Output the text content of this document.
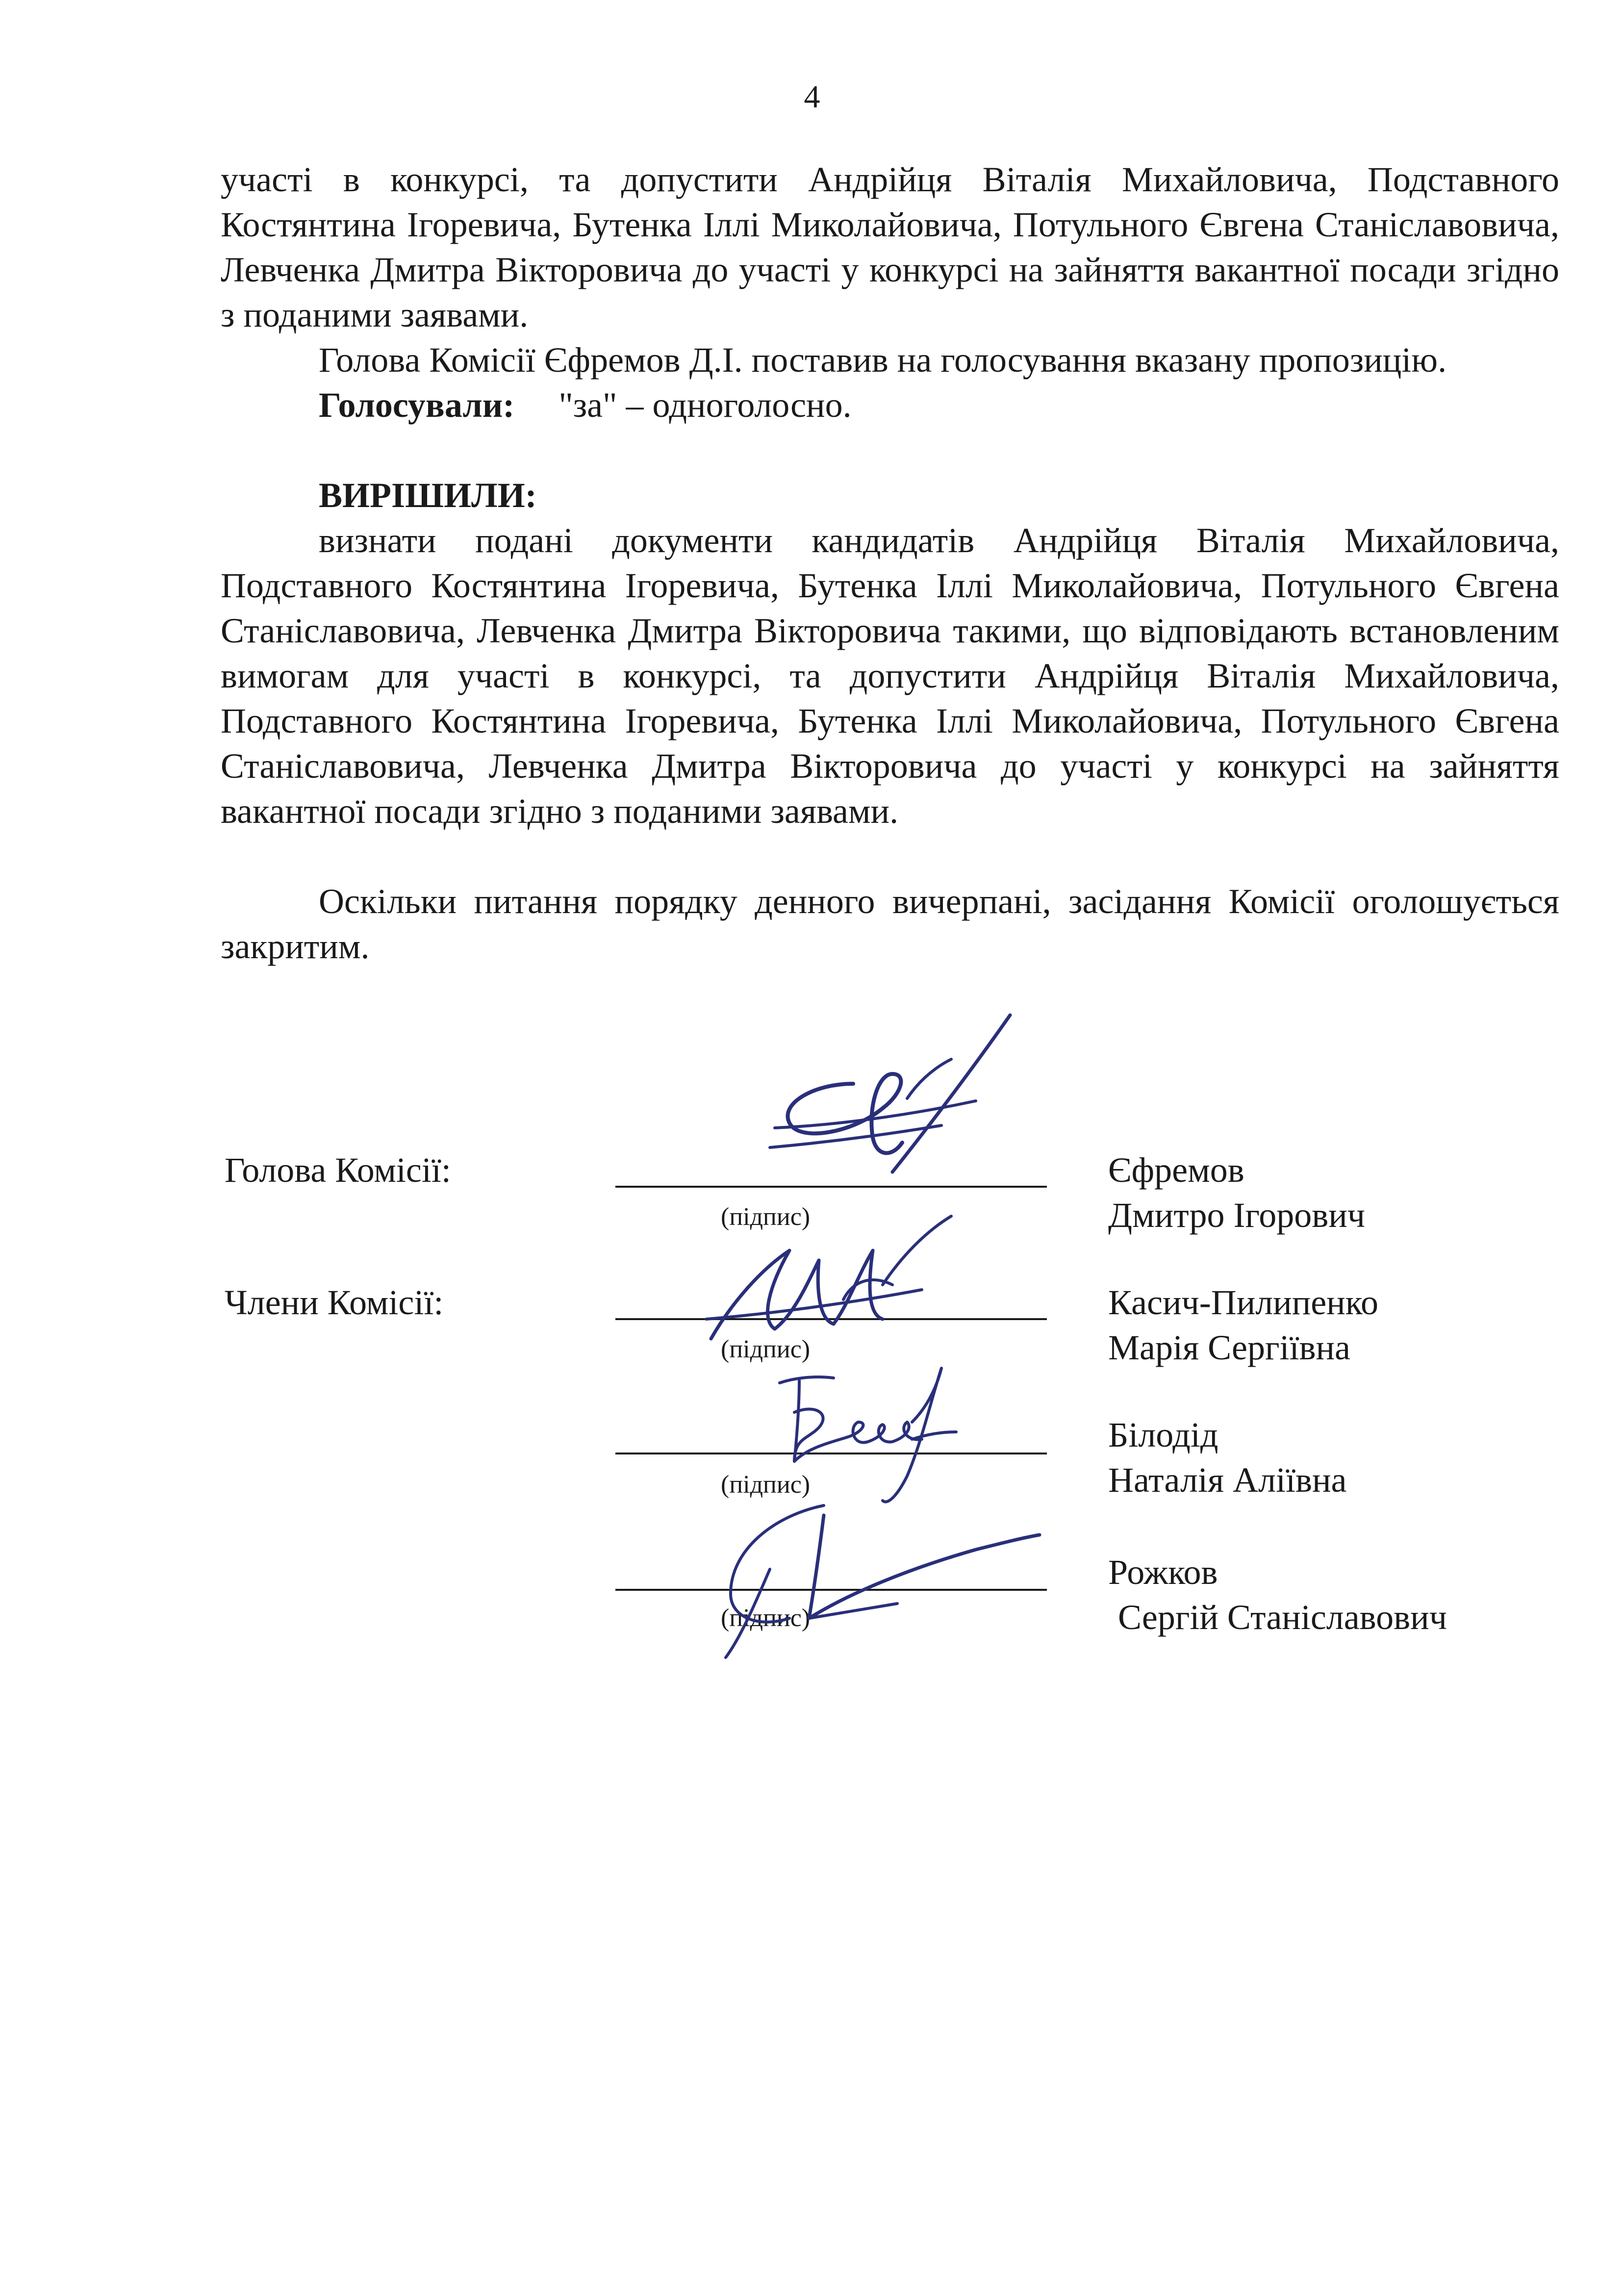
4

участі в конкурсі, та допустити Андрійця Віталія Михайловича, Подставного Костянтина Ігоревича, Бутенка Іллі Миколайовича, Потульного Євгена Станіславовича, Левченка Дмитра Вікторовича до участі у конкурсі на зайняття вакантної посади згідно з поданими заявами.

Голова Комісії Єфремов Д.І. поставив на голосування вказану пропозицію.

Голосували: "за" – одноголосно.

ВИРІШИЛИ:

визнати подані документи кандидатів Андрійця Віталія Михайловича, Подставного Костянтина Ігоревича, Бутенка Іллі Миколайовича, Потульного Євгена Станіславовича, Левченка Дмитра Вікторовича такими, що відповідають встановленим вимогам для участі в конкурсі, та допустити Андрійця Віталія Михайловича, Подставного Костянтина Ігоревича, Бутенка Іллі Миколайовича, Потульного Євгена Станіславовича, Левченка Дмитра Вікторовича до участі у конкурсі на зайняття вакантної посади згідно з поданими заявами.

Оскільки питання порядку денного вичерпані, засідання Комісії оголошується закритим.

Голова Комісії:
(підпис)
Єфремов
Дмитро Ігорович
Члени Комісії:
(підпис)
Касич-Пилипенко
Марія Сергіївна
(підпис)
Білодід
Наталія Аліївна
(підпис)
Рожков
Сергій Станіславович
